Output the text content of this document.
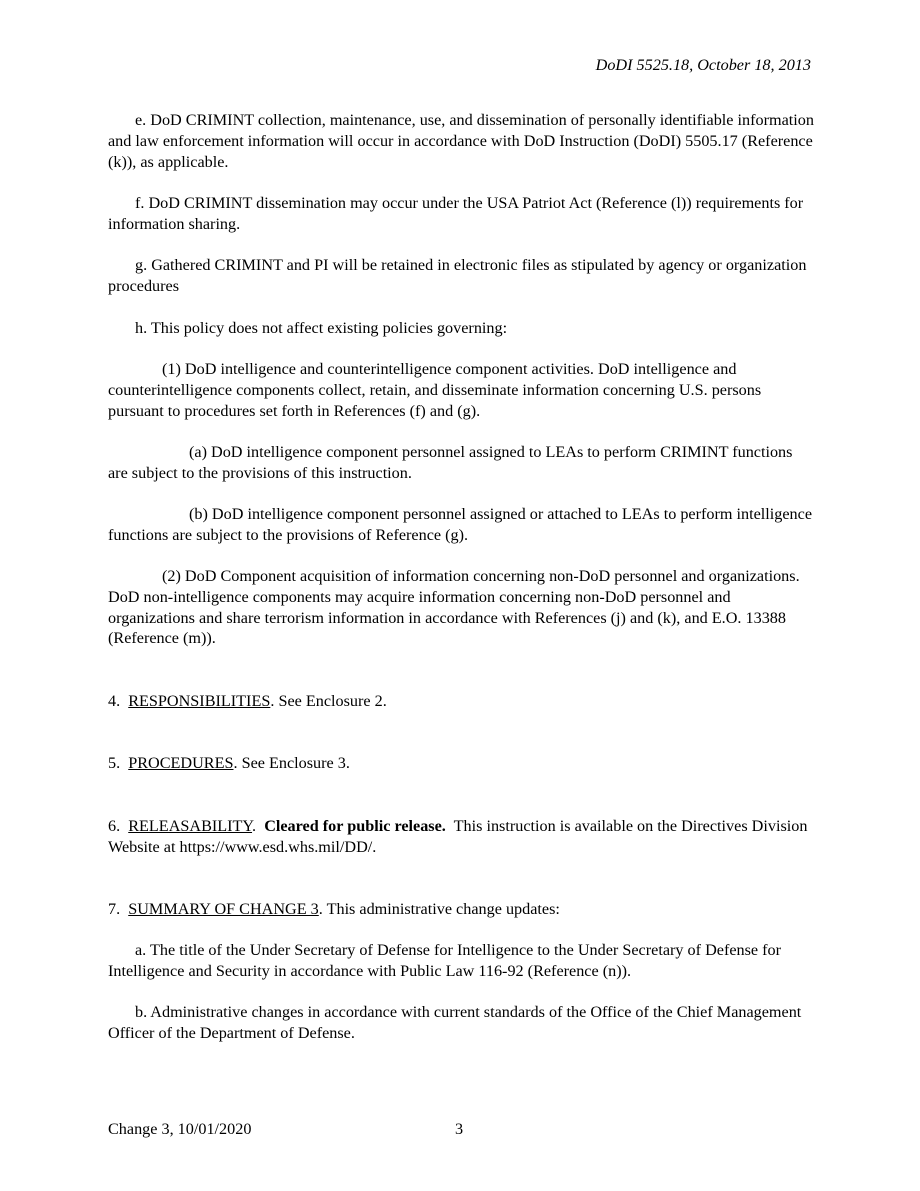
DoDI 5525.18, October 18, 2013

e. DoD CRIMINT collection, maintenance, use, and dissemination of personally identifiable information and law enforcement information will occur in accordance with DoD Instruction (DoDI) 5505.17 (Reference (k)), as applicable.

f. DoD CRIMINT dissemination may occur under the USA Patriot Act (Reference (l)) requirements for information sharing.

g. Gathered CRIMINT and PI will be retained in electronic files as stipulated by agency or organization procedures

h. This policy does not affect existing policies governing:

(1) DoD intelligence and counterintelligence component activities. DoD intelligence and counterintelligence components collect, retain, and disseminate information concerning U.S. persons pursuant to procedures set forth in References (f) and (g).

(a) DoD intelligence component personnel assigned to LEAs to perform CRIMINT functions are subject to the provisions of this instruction.

(b) DoD intelligence component personnel assigned or attached to LEAs to perform intelligence functions are subject to the provisions of Reference (g).

(2) DoD Component acquisition of information concerning non-DoD personnel and organizations. DoD non-intelligence components may acquire information concerning non-DoD personnel and organizations and share terrorism information in accordance with References (j) and (k), and E.O. 13388 (Reference (m)).

4. RESPONSIBILITIES. See Enclosure 2.

5. PROCEDURES. See Enclosure 3.

6. RELEASABILITY.  Cleared for public release.  This instruction is available on the Directives Division Website at https://www.esd.whs.mil/DD/.

7. SUMMARY OF CHANGE 3. This administrative change updates:

a. The title of the Under Secretary of Defense for Intelligence to the Under Secretary of Defense for Intelligence and Security in accordance with Public Law 116-92 (Reference (n)).

b. Administrative changes in accordance with current standards of the Office of the Chief Management Officer of the Department of Defense.

Change 3, 10/01/2020	3
